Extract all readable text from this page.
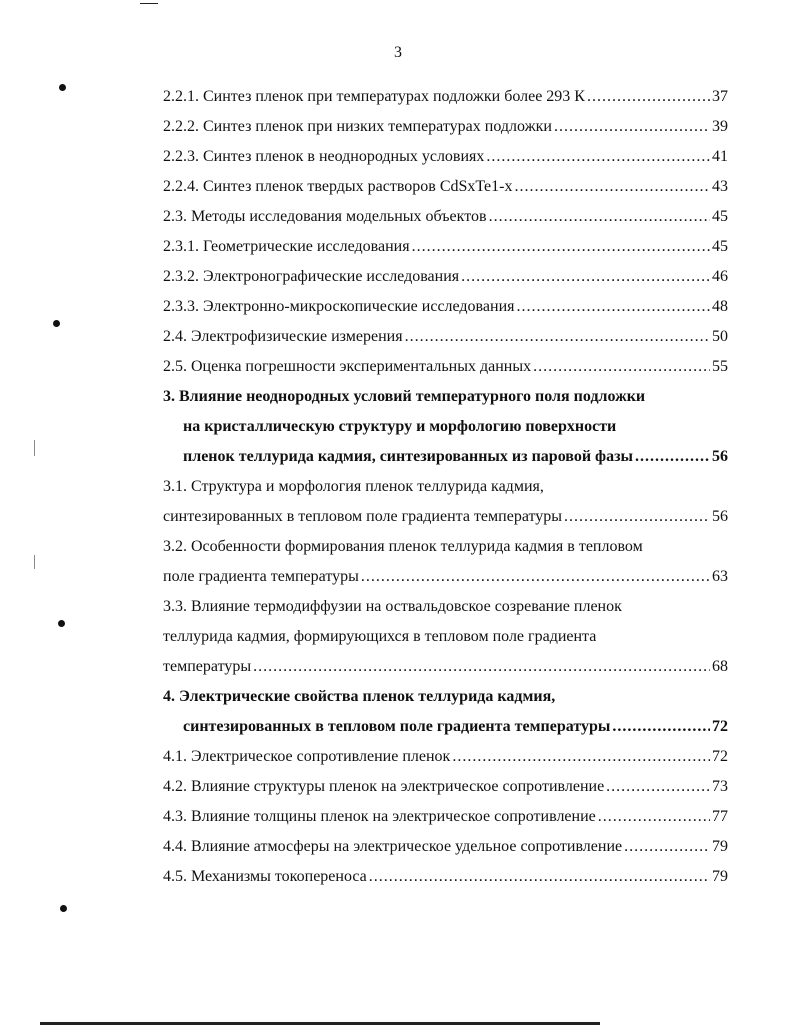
3
2.2.1. Синтез пленок при температурах подложки более 293 К .....	37
2.2.2. Синтез пленок при низких температурах подложки .....	39
2.2.3. Синтез пленок в неоднородных условиях .....	41
2.2.4. Синтез пленок твердых растворов CdSxTe1-x .....	43
2.3. Методы исследования модельных объектов .....	45
2.3.1. Геометрические исследования .....	45
2.3.2. Электронографические исследования .....	46
2.3.3. Электронно-микроскопические исследования .....	48
2.4. Электрофизические измерения .....	50
2.5. Оценка погрешности экспериментальных данных .....	55
3. Влияние неоднородных условий температурного поля подложки
на кристаллическую структуру и морфологию поверхности
пленок теллурида кадмия, синтезированных из паровой фазы .....	56
3.1. Структура и морфология пленок теллурида кадмия,
синтезированных в тепловом поле градиента температуры .....	56
3.2. Особенности формирования пленок теллурида кадмия в тепловом
поле градиента температуры .....	63
3.3. Влияние термодиффузии на оствальдовское созревание пленок
теллурида кадмия, формирующихся в тепловом поле градиента
температуры .....	68
4. Электрические свойства пленок теллурида кадмия,
синтезированных в тепловом поле градиента температуры .....	72
4.1. Электрическое сопротивление пленок .....	72
4.2. Влияние структуры пленок на электрическое сопротивление .....	73
4.3. Влияние толщины пленок на электрическое сопротивление .....	77
4.4. Влияние атмосферы на электрическое удельное сопротивление .....	79
4.5. Механизмы токопереноса .....	79
